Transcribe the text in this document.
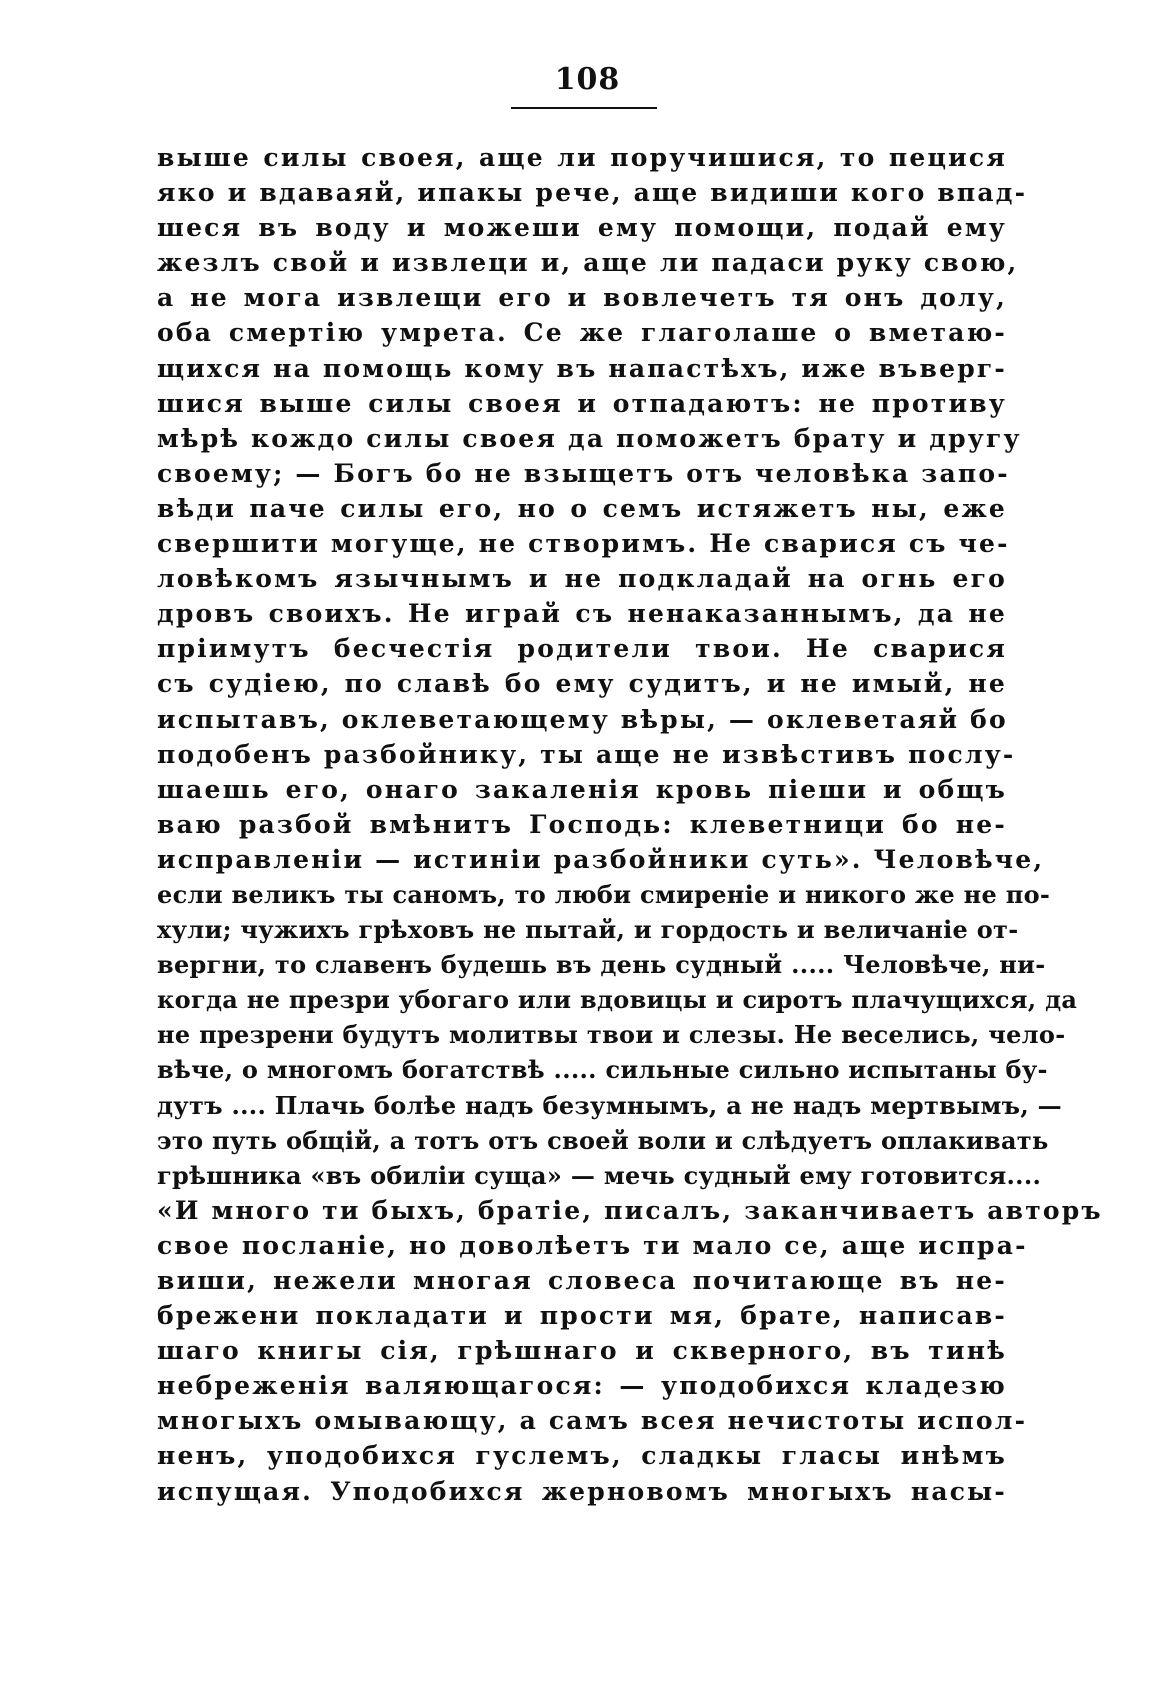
108
выше силы своея, аще ли поручишися, то пецися
яко и вдаваяй, ипакы рече, аще видиши кого впад-
шеся въ воду и можеши ему помощи, подай ему
жезлъ свой и извлеци и, аще ли падаси руку свою,
а не мога извлещи его и вовлечетъ тя онъ долу,
оба смертію умрета. Се же глаголаше о вметаю-
щихся на помощь кому въ напастѣхъ, иже въверг-
шися выше силы своея и отпадаютъ: не противу
мѣрѣ кождо силы своея да поможетъ брату и другу
своему; — Богъ бо не взыщетъ отъ человѣка запо-
вѣди паче силы его, но о семъ истяжетъ ны, еже
свершити могуще, не створимъ. Не сварися съ че-
ловѣкомъ язычнымъ и не подкладай на огнь его
дровъ своихъ. Не играй съ ненаказаннымъ, да не
пріимутъ бесчестія родители твои. Не сварися
съ судіею, по славѣ бо ему судитъ, и не имый, не
испытавъ, оклеветающему вѣры, — оклеветаяй бо
подобенъ разбойнику, ты аще не извѣстивъ послу-
шаешь его, онаго закаленія кровь піеши и общъ
ваю разбой вмѣнитъ Господь: клеветници бо не-
исправленіи — истиніи разбойники суть». Человѣче,
если великъ ты саномъ, то люби смиреніе и никого же не по-
хули; чужихъ грѣховъ не пытай, и гордость и величаніе от-
вергни, то славенъ будешь въ день судный ..... Человѣче, ни-
когда не презри убогаго или вдовицы и сиротъ плачущихся, да
не презрени будутъ молитвы твои и слезы. Не веселись, чело-
вѣче, о многомъ богатствѣ ..... сильные сильно испытаны бу-
дутъ .... Плачь болѣе надъ безумнымъ, а не надъ мертвымъ, —
это путь общій, а тотъ отъ своей воли и слѣдуетъ оплакивать
грѣшника «въ обиліи суща» — мечь судный ему готовится....
«И много ти быхъ, братіе, писалъ, заканчиваетъ авторъ
свое посланіе, но доволѣетъ ти мало се, аще испра-
виши, нежели многая словеса почитающе въ не-
брежени покладати и прости мя, брате, написав-
шаго книгы сія, грѣшнаго и скверного, въ тинѣ
небреженія валяющагося: — уподобихся кладезю
многыхъ омывающу, а самъ всея нечистоты испол-
ненъ, уподобихся гуслемъ, сладкы гласы инѣмъ
испущая. Уподобихся жерновомъ многыхъ насы-
